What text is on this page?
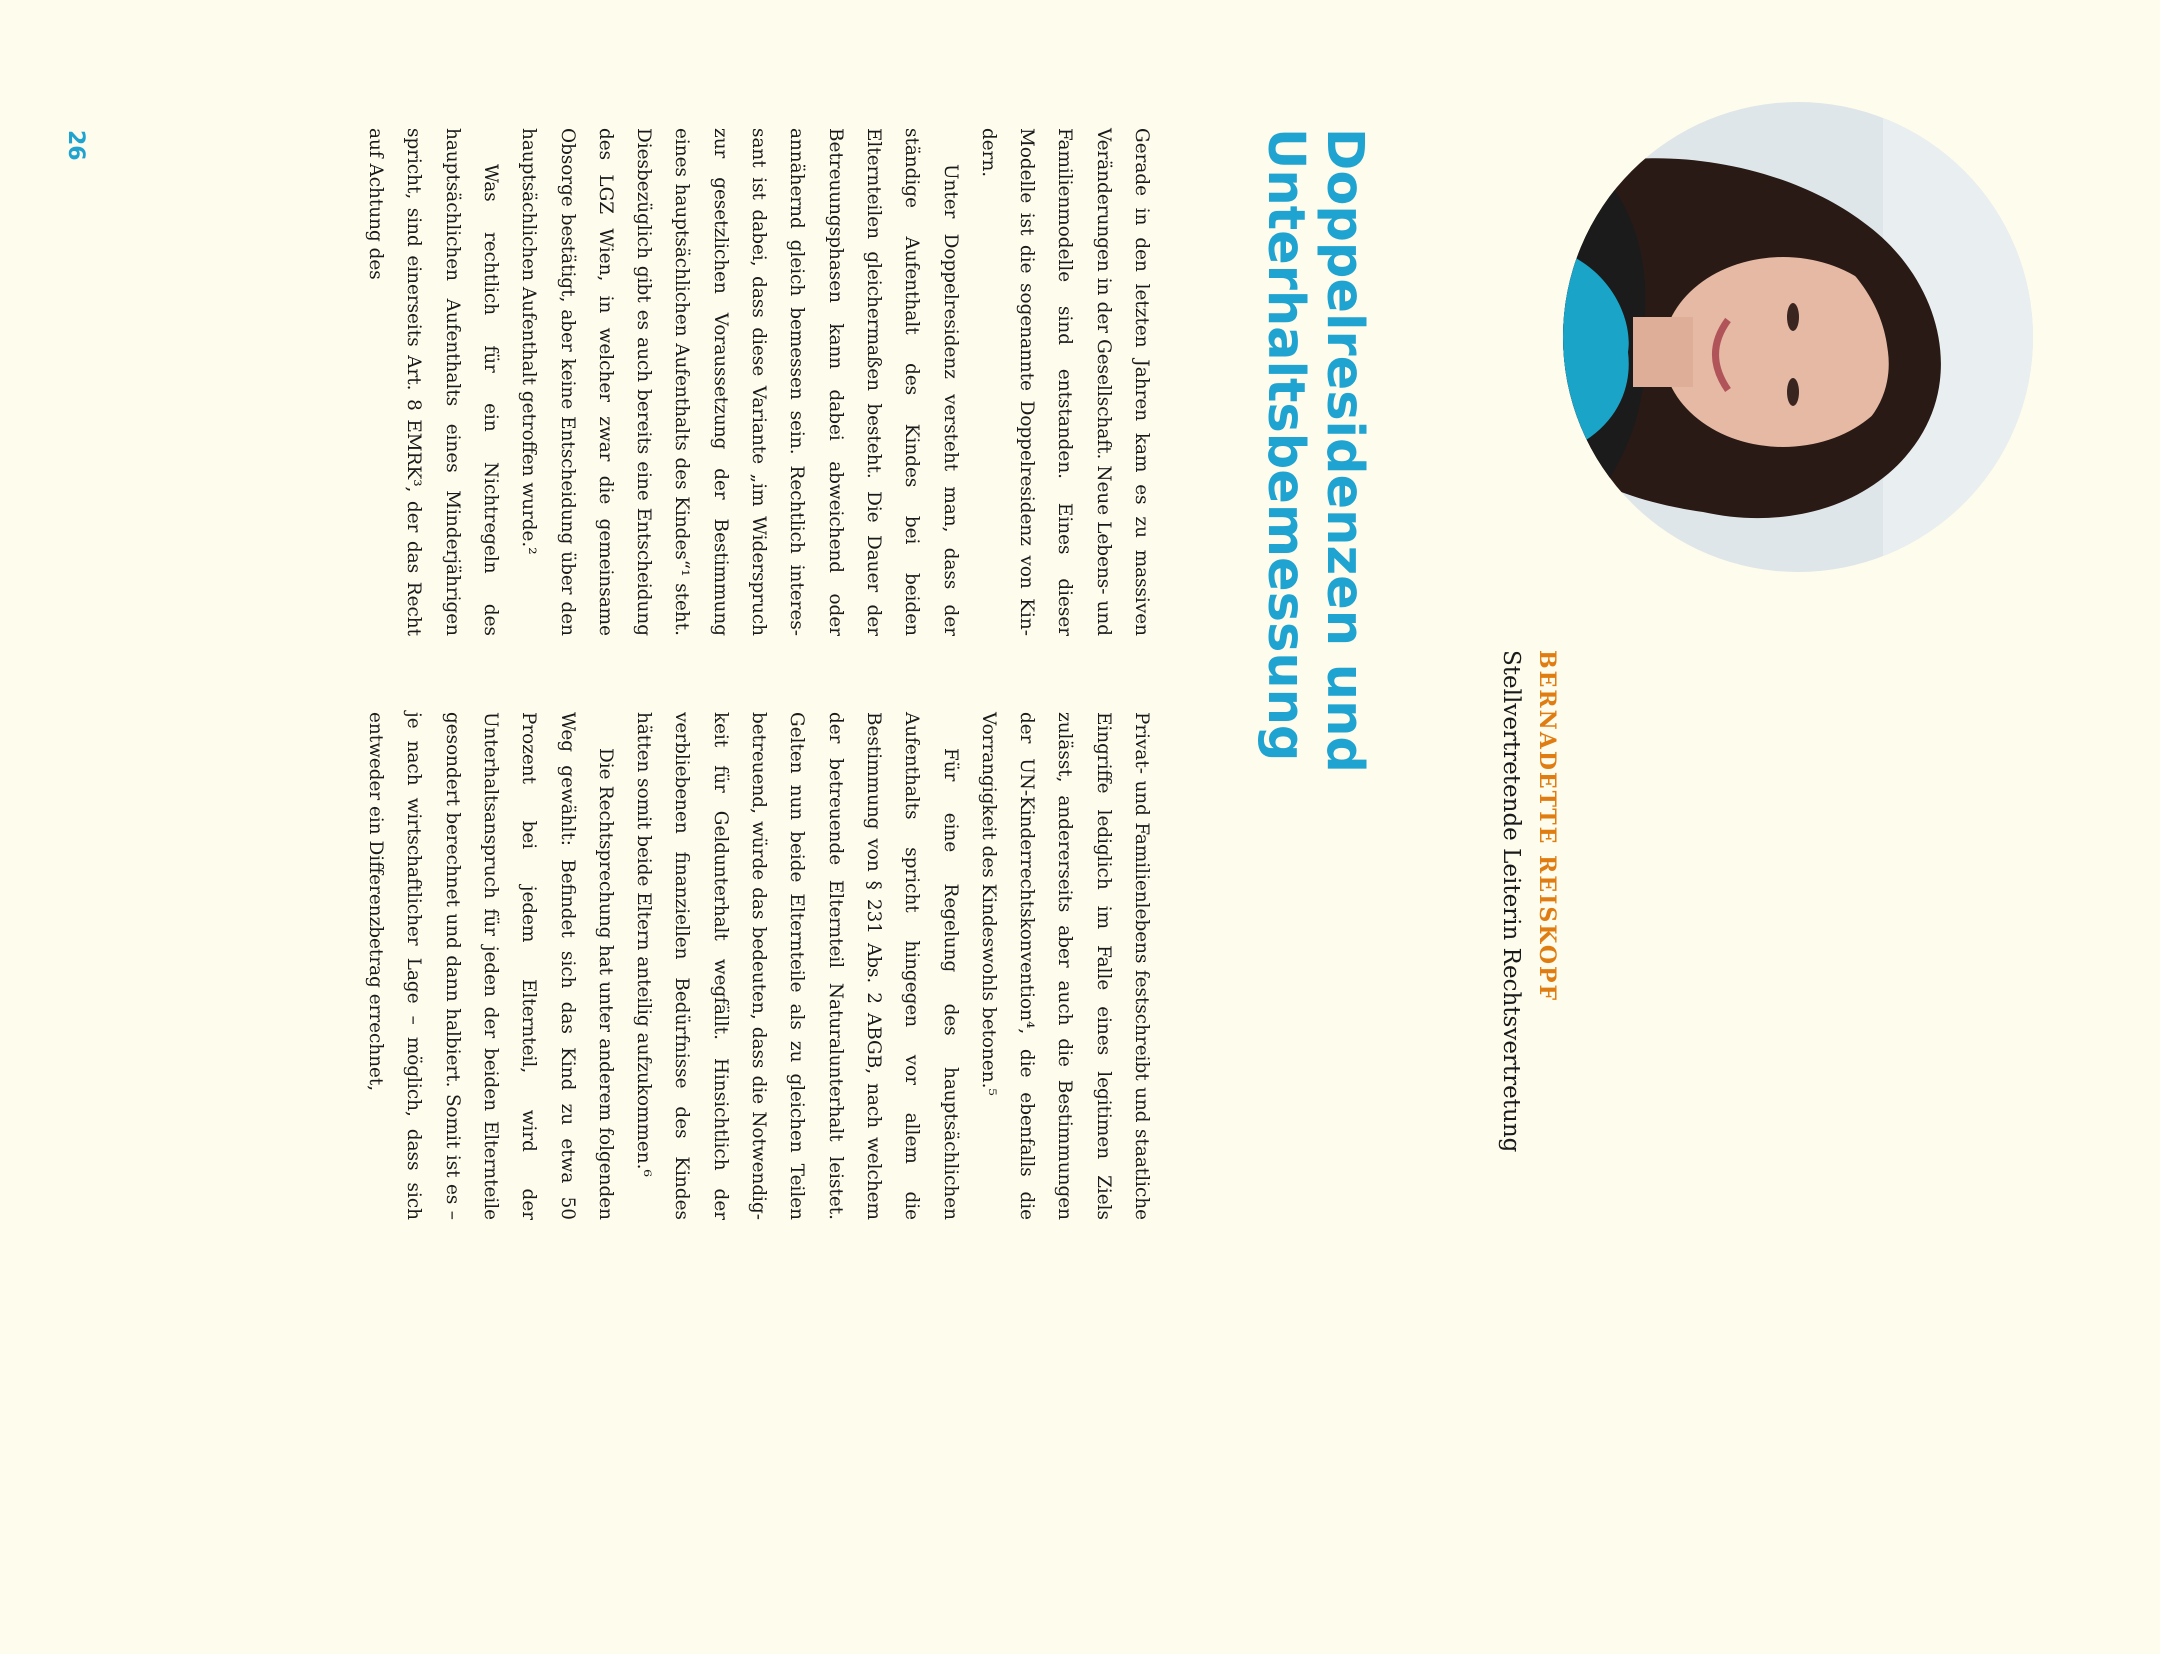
BERNADETTE REISKOPF
Stellvertretende Leiterin Rechtsvertretung
Doppelresidenzen und Unterhaltsbemessung

Gerade in den letzten Jahren kam es zu massiven Veränderungen in der Gesellschaft. Neue Lebens- und Familienmodelle sind entstanden. Eines dieser Modelle ist die sogenannte Doppelresidenz von Kindern.

Unter Doppelresidenz versteht man, dass der ständige Aufenthalt des Kindes bei beiden Elternteilen gleichermaßen besteht. Die Dauer der Betreuungsphasen kann dabei abweichend oder annähernd gleich bemessen sein. Rechtlich interessant ist dabei, dass diese Variante „im Widerspruch zur gesetzlichen Voraussetzung der Bestimmung eines hauptsächlichen Aufenthalts des Kindes“¹ steht. Diesbezüglich gibt es auch bereits eine Entscheidung des LGZ Wien, in welcher zwar die gemeinsame Obsorge bestätigt, aber keine Entscheidung über den hauptsächlichen Aufenthalt getroffen wurde.²

Was rechtlich für ein Nichtregeln des hauptsächlichen Aufenthalts eines Minderjährigen spricht, sind einerseits Art. 8 EMRK³, der das Recht auf Achtung des

Privat- und Familienlebens festschreibt und staatliche Eingriffe lediglich im Falle eines legitimen Ziels zulässt, andererseits aber auch die Bestimmungen der UN-Kinderrechtskonvention⁴, die ebenfalls die Vorrangigkeit des Kindeswohls betonen.⁵

Für eine Regelung des hauptsächlichen Aufenthalts spricht hingegen vor allem die Bestimmung von § 231 Abs. 2 ABGB, nach welchem der betreuende Elternteil Naturalunterhalt leistet. Gelten nun beide Elternteile als zu gleichen Teilen betreuend, würde das bedeuten, dass die Notwendigkeit für Geldunterhalt wegfällt. Hinsichtlich der verbliebenen finanziellen Bedürfnisse des Kindes hätten somit beide Eltern anteilig aufzukommen.⁶

Die Rechtsprechung hat unter anderem folgenden Weg gewählt: Befindet sich das Kind zu etwa 50 Prozent bei jedem Elternteil, wird der Unterhaltsanspruch für jeden der beiden Elternteile gesondert berechnet und dann halbiert. Somit ist es – je nach wirtschaftlicher Lage – möglich, dass sich entweder ein Differenzbetrag errechnet,

26
